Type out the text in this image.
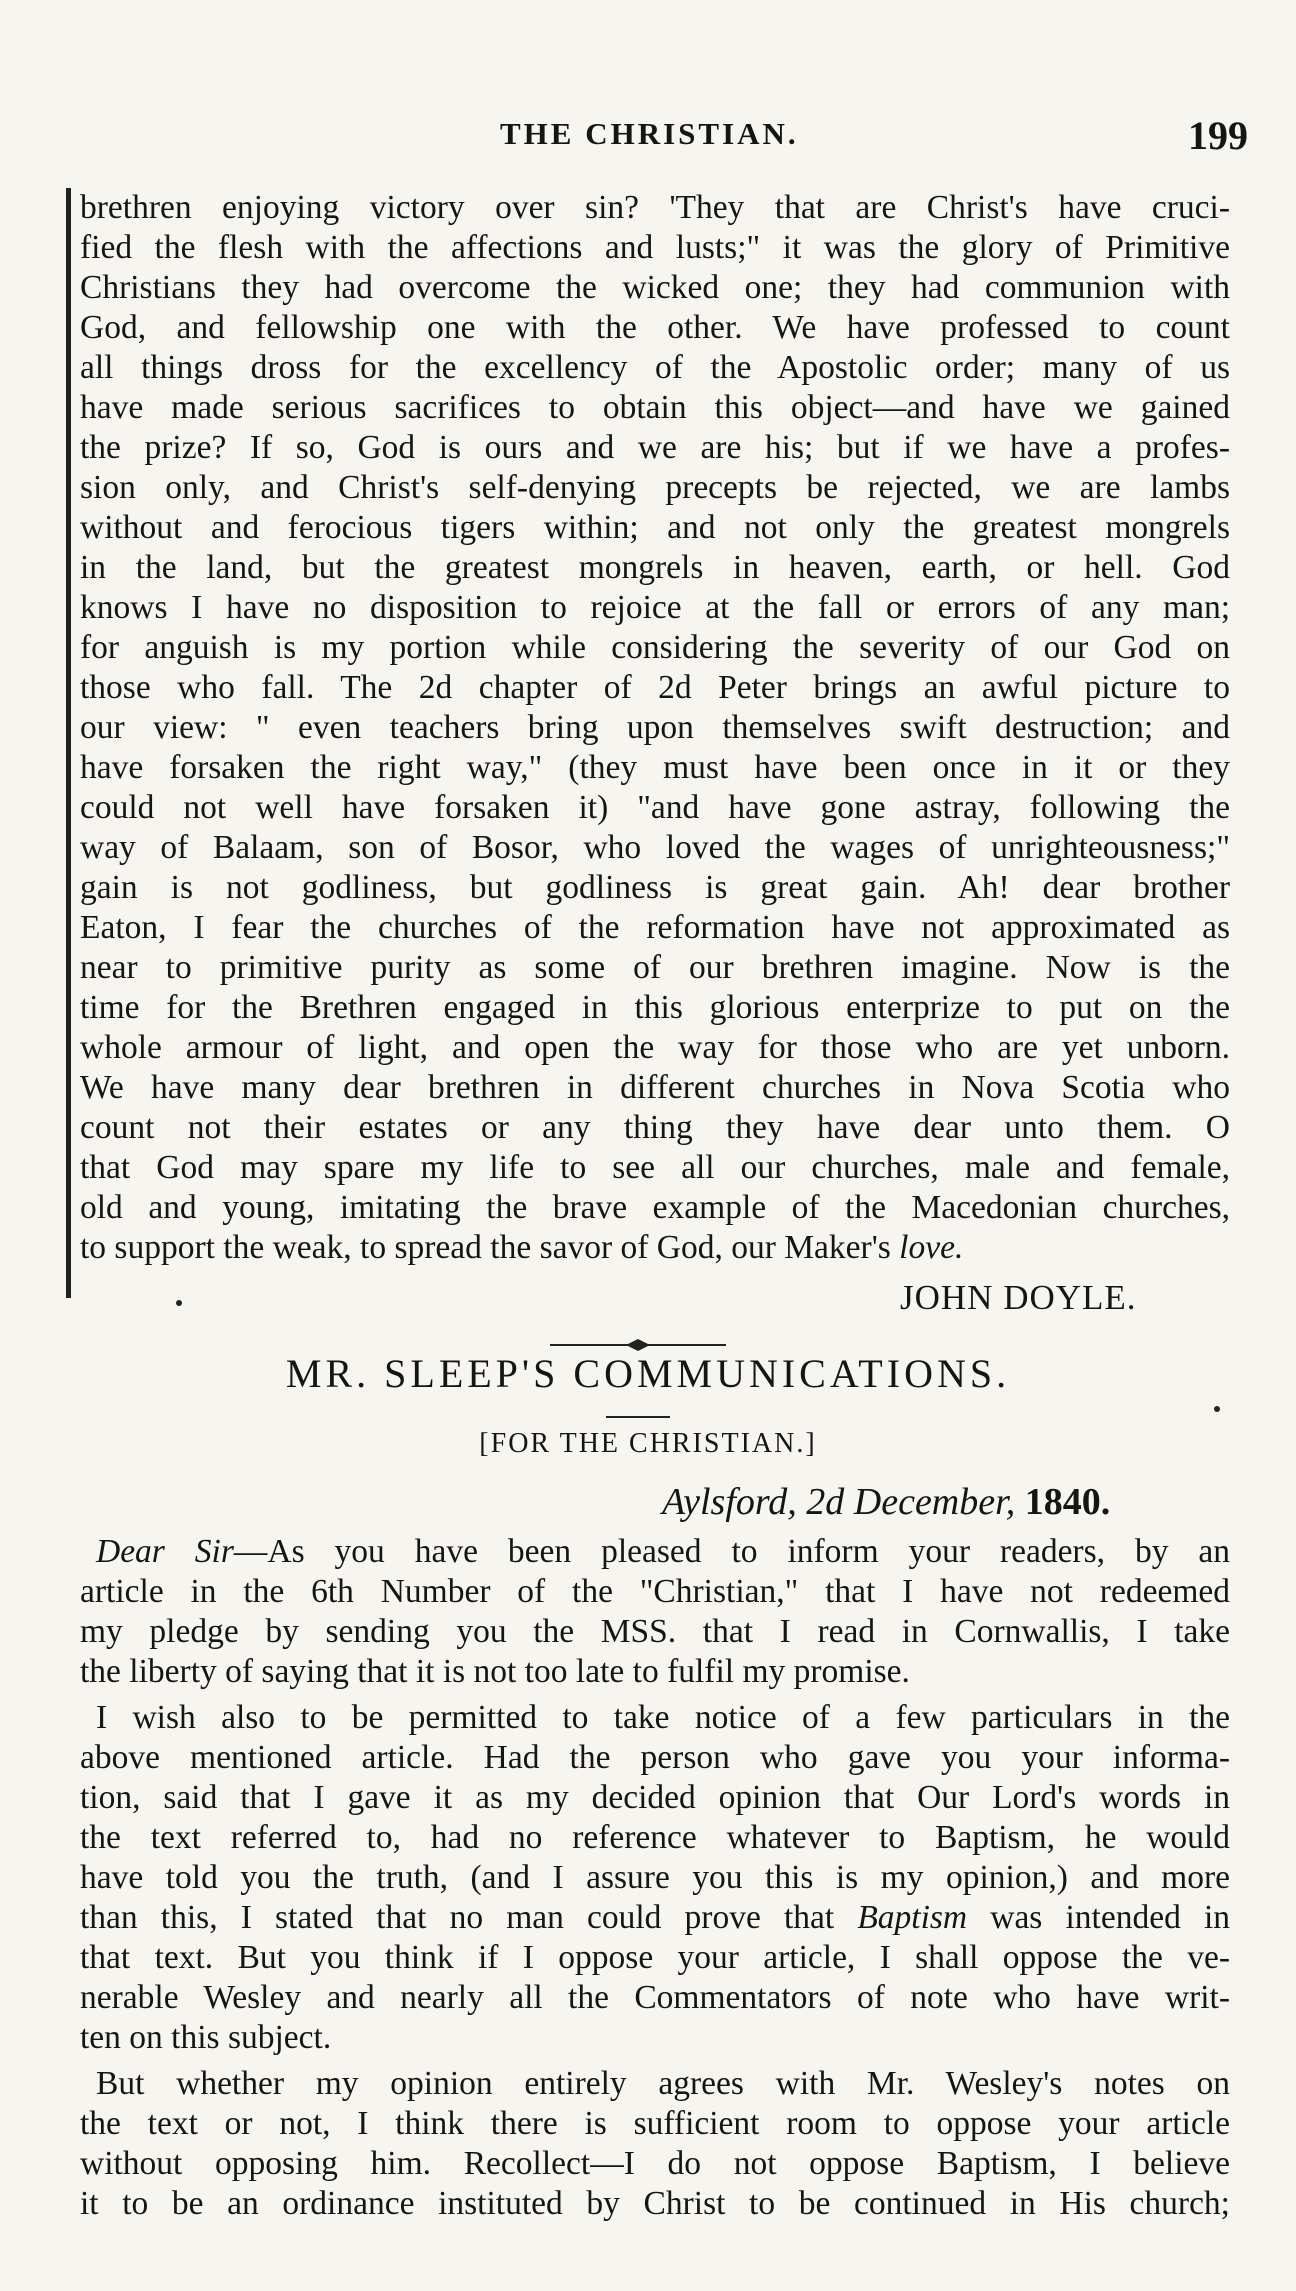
THE CHRISTIAN.	199
brethren enjoying victory over sin? 'They that are Christ's have cruci-
fied the flesh with the affections and lusts;" it was the glory of Primitive
Christians they had overcome the wicked one; they had communion with
God, and fellowship one with the other. We have professed to count
all things dross for the excellency of the Apostolic order; many of us
have made serious sacrifices to obtain this object—and have we gained
the prize? If so, God is ours and we are his; but if we have a profes-
sion only, and Christ's self-denying precepts be rejected, we are lambs
without and ferocious tigers within; and not only the greatest mongrels
in the land, but the greatest mongrels in heaven, earth, or hell. God
knows I have no disposition to rejoice at the fall or errors of any man;
for anguish is my portion while considering the severity of our God on
those who fall. The 2d chapter of 2d Peter brings an awful picture to
our view: " even teachers bring upon themselves swift destruction; and
have forsaken the right way," (they must have been once in it or they
could not well have forsaken it) "and have gone astray, following the
way of Balaam, son of Bosor, who loved the wages of unrighteousness;"
gain is not godliness, but godliness is great gain. Ah! dear brother
Eaton, I fear the churches of the reformation have not approximated as
near to primitive purity as some of our brethren imagine. Now is the
time for the Brethren engaged in this glorious enterprize to put on the
whole armour of light, and open the way for those who are yet unborn.
We have many dear brethren in different churches in Nova Scotia who
count not their estates or any thing they have dear unto them. O
that God may spare my life to see all our churches, male and female,
old and young, imitating the brave example of the Macedonian churches,
to support the weak, to spread the savor of God, our Maker's love.
JOHN DOYLE.
MR. SLEEP'S COMMUNICATIONS.
[FOR THE CHRISTIAN.]
Aylsford, 2d December, 1840.
Dear Sir—As you have been pleased to inform your readers, by an
article in the 6th Number of the "Christian," that I have not redeemed
my pledge by sending you the MSS. that I read in Cornwallis, I take
the liberty of saying that it is not too late to fulfil my promise.
I wish also to be permitted to take notice of a few particulars in the
above mentioned article. Had the person who gave you your informa-
tion, said that I gave it as my decided opinion that Our Lord's words in
the text referred to, had no reference whatever to Baptism, he would
have told you the truth, (and I assure you this is my opinion,) and more
than this, I stated that no man could prove that Baptism was intended in
that text. But you think if I oppose your article, I shall oppose the ve-
nerable Wesley and nearly all the Commentators of note who have writ-
ten on this subject.
But whether my opinion entirely agrees with Mr. Wesley's notes on
the text or not, I think there is sufficient room to oppose your article
without opposing him. Recollect—I do not oppose Baptism, I believe
it to be an ordinance instituted by Christ to be continued in His church;
